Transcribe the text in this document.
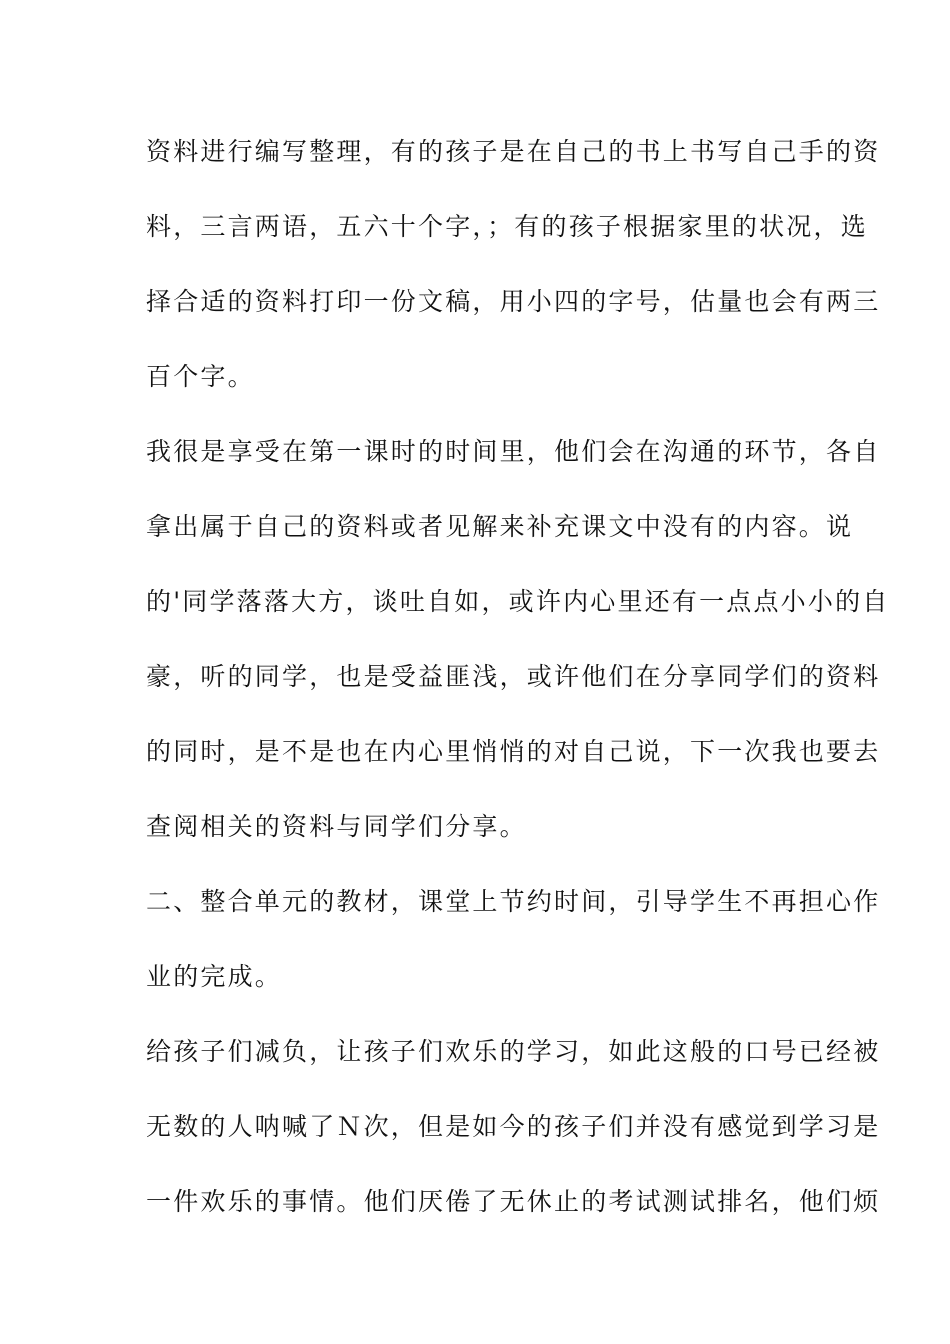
资料进行编写整理，有的孩子是在自己的书上书写自己手的资
料，三言两语，五六十个字，；有的孩子根据家里的状况，选
择合适的资料打印一份文稿，用小四的字号，估量也会有两三
百个字。
我很是享受在第一课时的时间里，他们会在沟通的环节，各自
拿出属于自己的资料或者见解来补充课文中没有的内容。说
的'同学落落大方，谈吐自如，或许内心里还有一点点小小的自
豪，听的同学，也是受益匪浅，或许他们在分享同学们的资料
的同时，是不是也在内心里悄悄的对自己说，下一次我也要去
查阅相关的资料与同学们分享。
二、整合单元的教材，课堂上节约时间，引导学生不再担心作
业的完成。
给孩子们减负，让孩子们欢乐的学习，如此这般的口号已经被
无数的人呐喊了Ｎ次，但是如今的孩子们并没有感觉到学习是
一件欢乐的事情。他们厌倦了无休止的考试测试排名，他们烦
